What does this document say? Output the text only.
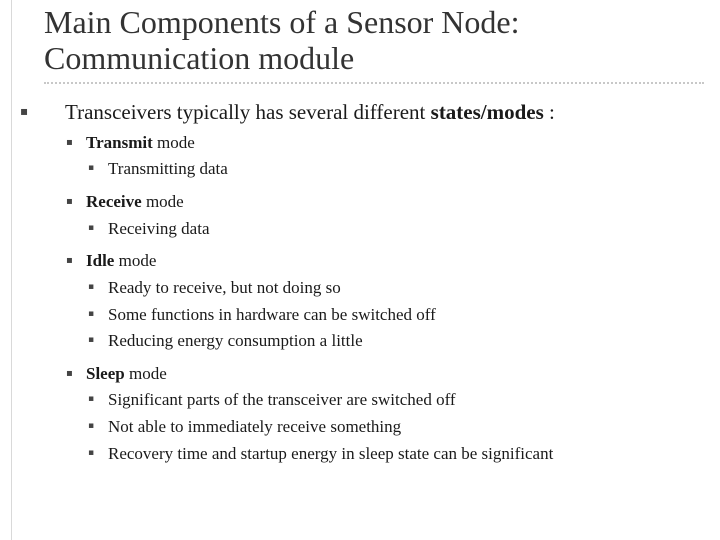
Main Components of a Sensor Node:
Communication module
▪ Transceivers typically has several different states/modes :
▪ Transmit mode
▪ Transmitting data
▪ Receive mode
▪ Receiving data
▪ Idle mode
▪ Ready to receive, but not doing so
▪ Some functions in hardware can be switched off
▪ Reducing energy consumption a little
▪ Sleep mode
▪ Significant parts of the transceiver are switched off
▪ Not able to immediately receive something
▪ Recovery time and startup energy in sleep state can be significant
